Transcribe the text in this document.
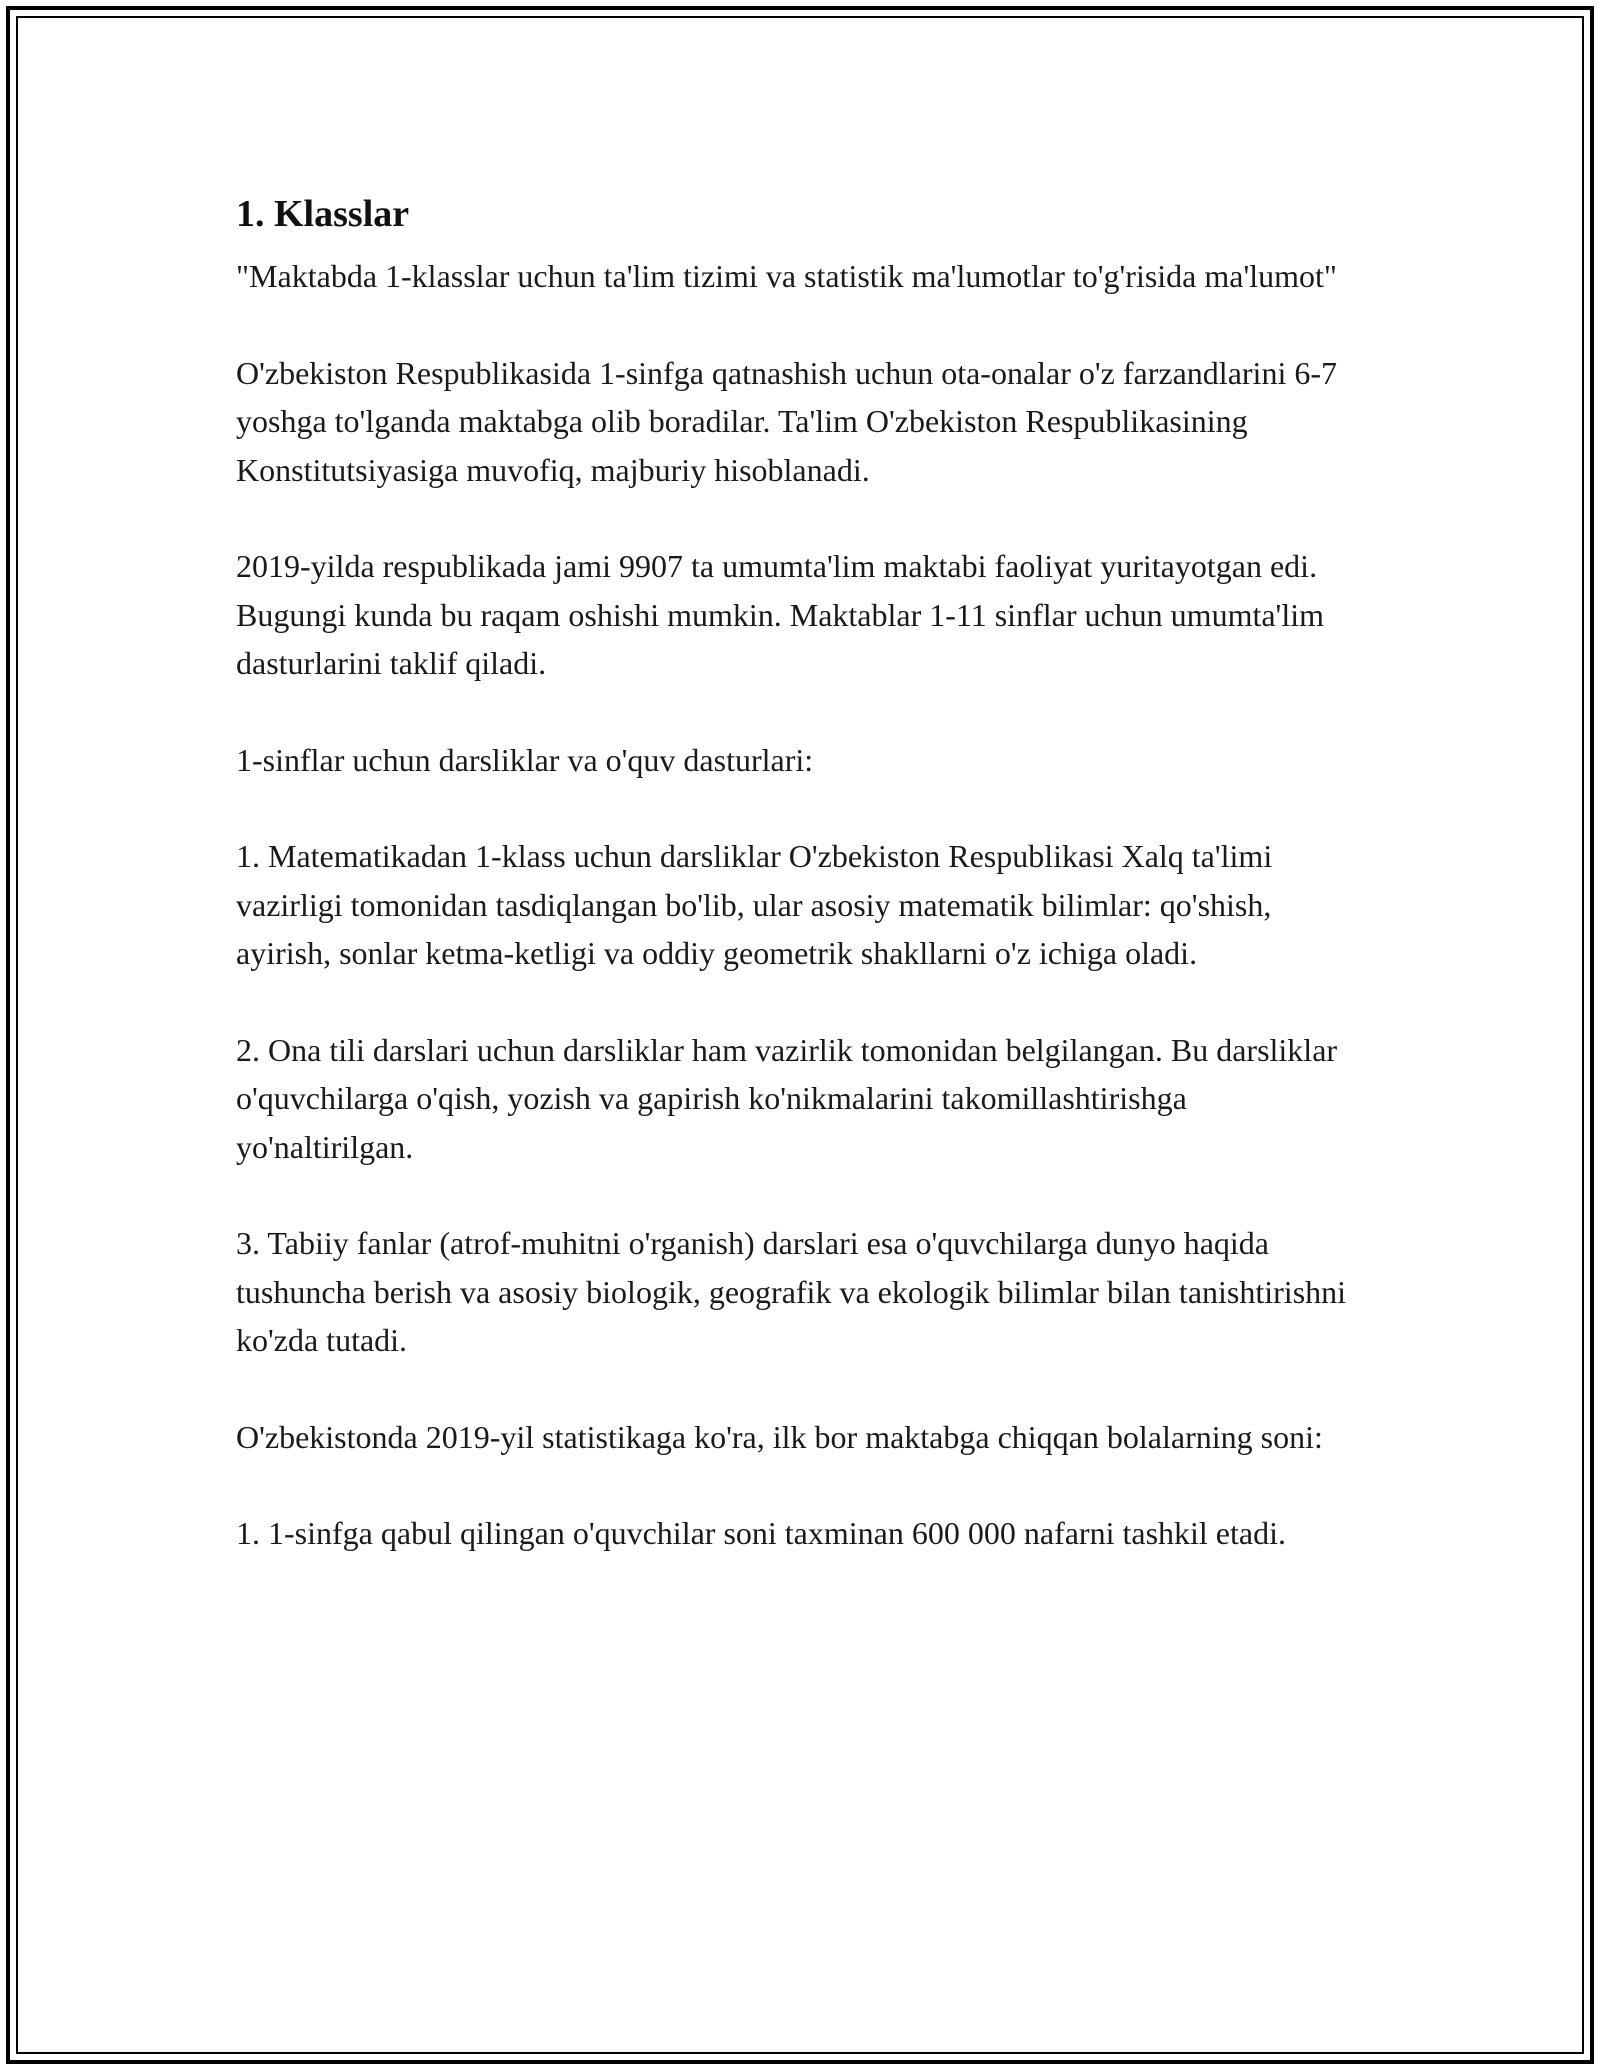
1. Klasslar

"Maktabda 1-klasslar uchun ta'lim tizimi va statistik ma'lumotlar to'g'risida ma'lumot"

O'zbekiston Respublikasida 1-sinfga qatnashish uchun ota-onalar o'z farzandlarini 6-7 yoshga to'lganda maktabga olib boradilar. Ta'lim O'zbekiston Respublikasining Konstitutsiyasiga muvofiq, majburiy hisoblanadi.

2019-yilda respublikada jami 9907 ta umumta'lim maktabi faoliyat yuritayotgan edi. Bugungi kunda bu raqam oshishi mumkin. Maktablar 1-11 sinflar uchun umumta'lim dasturlarini taklif qiladi.

1-sinflar uchun darsliklar va o'quv dasturlari:

1. Matematikadan 1-klass uchun darsliklar O'zbekiston Respublikasi Xalq ta'limi vazirligi tomonidan tasdiqlangan bo'lib, ular asosiy matematik bilimlar: qo'shish, ayirish, sonlar ketma-ketligi va oddiy geometrik shakllarni o'z ichiga oladi.

2. Ona tili darslari uchun darsliklar ham vazirlik tomonidan belgilangan. Bu darsliklar o'quvchilarga o'qish, yozish va gapirish ko'nikmalarini takomillashtirishga yo'naltirilgan.

3. Tabiiy fanlar (atrof-muhitni o'rganish) darslari esa o'quvchilarga dunyo haqida tushuncha berish va asosiy biologik, geografik va ekologik bilimlar bilan tanishtirishni ko'zda tutadi.

O'zbekistonda 2019-yil statistikaga ko'ra, ilk bor maktabga chiqqan bolalarning soni:

1. 1-sinfga qabul qilingan o'quvchilar soni taxminan 600 000 nafarni tashkil etadi.
